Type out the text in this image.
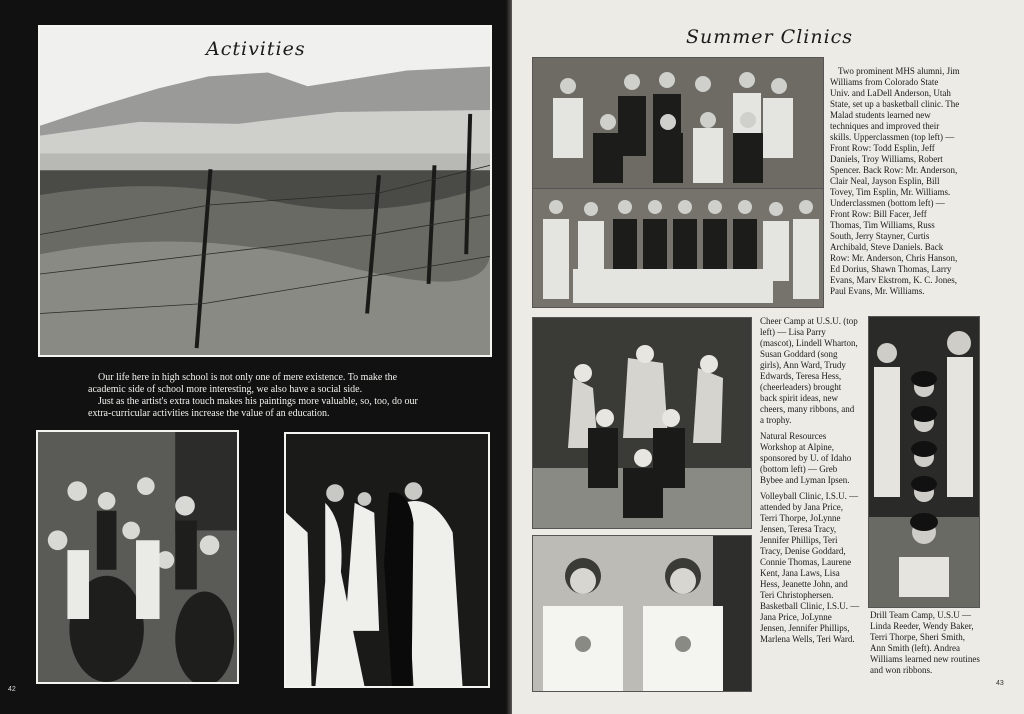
Activities

Our life here in high school is not only one of mere existence. To make the academic side of school more interesting, we also have a social side.

Just as the artist's extra touch makes his paintings more valuable, so, too, do our extra-curricular activities increase the value of an education.

42
Summer Clinics

Two prominent MHS alumni, Jim Williams from Colorado State Univ. and LaDell Anderson, Utah State, set up a basketball clinic. The Malad students learned new techniques and improved their skills. Upperclassmen (top left) — Front Row: Todd Esplin, Jeff Daniels, Troy Williams, Robert Spencer. Back Row: Mr. Anderson, Clair Neal, Jayson Esplin, Bill Tovey, Tim Esplin, Mr. Williams. Underclassmen (bottom left) — Front Row: Bill Facer, Jeff Thomas, Tim Williams, Russ South, Jerry Stayner, Curtis Archibald, Steve Daniels. Back Row: Mr. Anderson, Chris Hanson, Ed Dorius, Shawn Thomas, Larry Evans, Marv Ekstrom, K. C. Jones, Paul Evans, Mr. Williams.

Cheer Camp at U.S.U. (top left) — Lisa Parry (mascot), Lindell Wharton, Susan Goddard (song girls), Ann Ward, Trudy Edwards, Teresa Hess, (cheerleaders) brought back spirit ideas, new cheers, many ribbons, and a trophy.

Natural Resources Workshop at Alpine, sponsored by U. of Idaho (bottom left) — Greb Bybee and Lyman Ipsen.

Volleyball Clinic, I.S.U. — attended by Jana Price, Terri Thorpe, JoLynne Jensen, Teresa Tracy, Jennifer Phillips, Teri Tracy, Denise Goddard, Connie Thomas, Laurene Kent, Jana Laws, Lisa Hess, Jeanette John, and Teri Christophersen. Basketball Clinic, I.S.U. — Jana Price, JoLynne Jensen, Jennifer Phillips, Marlena Wells, Teri Ward.

Drill Team Camp, U.S.U — Linda Reeder, Wendy Baker, Terri Thorpe, Sheri Smith, Ann Smith (left). Andrea Williams learned new routines and won ribbons.

43
